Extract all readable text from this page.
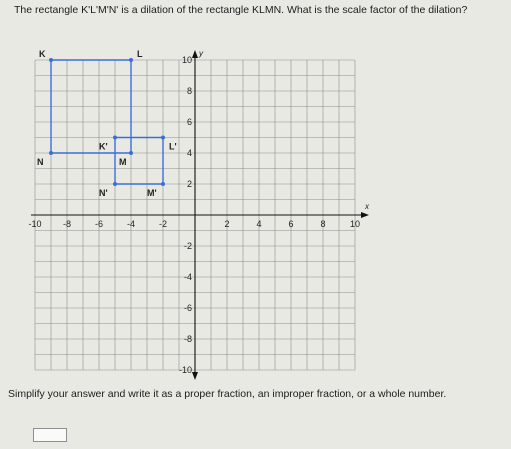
The rectangle K'L'M'N' is a dilation of the rectangle KLMN. What is the scale factor of the dilation?

x
y
-10 -8	-6	-4	-2	2	4	6	8	10
10
8
6
4
2
-2
-4
-6
-8
-10
K	L
M
N
K'	L'
M'
N'

Simplify your answer and write it as a proper fraction, an improper fraction, or a whole number.
